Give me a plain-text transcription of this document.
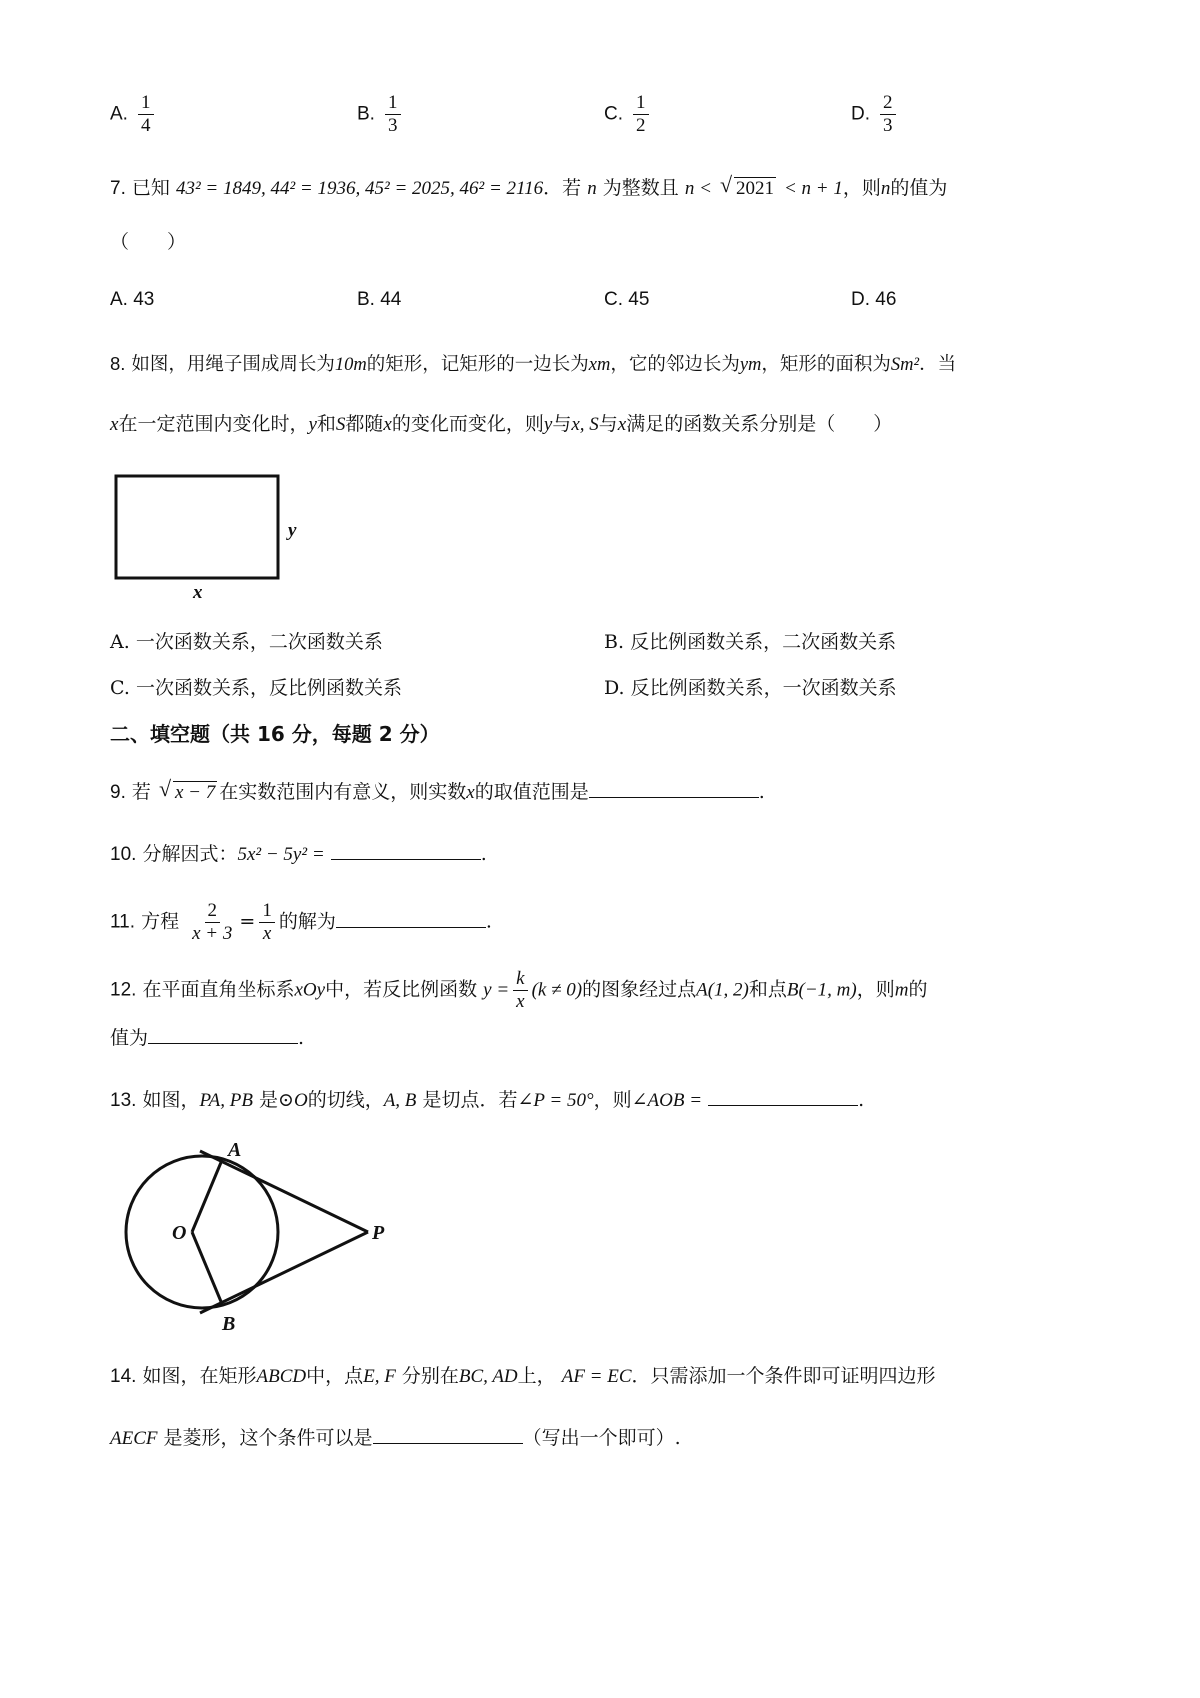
A. $\frac{1}{4}$	B. $\frac{1}{3}$	C. $\frac{1}{2}$	D. $\frac{2}{3}$
7. 已知 43² = 1849, 44² = 1936, 45² = 2025, 46² = 2116．若 n 为整数且 n < √ 2021 < n + 1，则n的值为
（　　）
A. 43	B. 44	C. 45	D. 46
8. 如图，用绳子围成周长为10m的矩形，记矩形的一边长为xm，它的邻边长为ym，矩形的面积为Sm²．当
x在一定范围内变化时，y和S都随x的变化而变化，则y与x, S与x满足的函数关系分别是（　　）
y
x
A. 一次函数关系，二次函数关系	B. 反比例函数关系，二次函数关系
C. 一次函数关系，反比例函数关系	D. 反比例函数关系，一次函数关系
二、填空题（共 16 分，每题 2 分）
9. 若 √ x − 7 在实数范围内有意义，则实数x的取值范围是	.
10. 分解因式：5x² − 5y² =	.
11. 方程 $\frac{2}{x + 3} = \frac{1}{x}$ 的解为	.
12. 在平面直角坐标系xOy中，若反比例函数 $y = \frac{k}{x} (k \ne 0)$的图象经过点A(1, 2)和点B(−1, m)，则m的
值为	.
13. 如图，PA, PB 是⊙O的切线，A, B 是切点．若∠P = 50°，则∠AOB =	.
A
B
O	P
14. 如图，在矩形ABCD中，点E, F 分别在BC, AD上， AF = EC．只需添加一个条件即可证明四边形
AECF 是菱形，这个条件可以是	（写出一个即可）.
